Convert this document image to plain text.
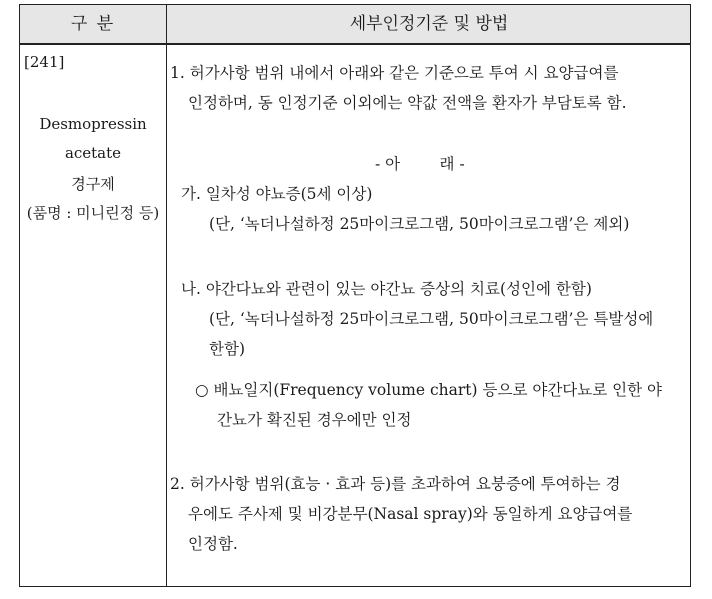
구 분	세부인정기준 및 방법
[241]
Desmopressin
acetate
경구제
(품명 : 미니린정 등)
1. 허가사항 범위 내에서 아래와 같은 기준으로 투여 시 요양급여를
인정하며, 동 인정기준 이외에는 약값 전액을 환자가 부담토록 함.
- 아        래 -
가. 일차성 야뇨증(5세 이상)
(단, ‘녹더나설하정 25마이크로그램, 50마이크로그램’은 제외)
나. 야간다뇨와 관련이 있는 야간뇨 증상의 치료(성인에 한함)
(단, ‘녹더나설하정 25마이크로그램, 50마이크로그램’은 특발성에
한함)
○ 배뇨일지(Frequency volume chart) 등으로 야간다뇨로 인한 야
간뇨가 확진된 경우에만 인정
2. 허가사항 범위(효능 · 효과 등)를 초과하여 요붕증에 투여하는 경
우에도 주사제 및 비강분무(Nasal spray)와 동일하게 요양급여를
인정함.
